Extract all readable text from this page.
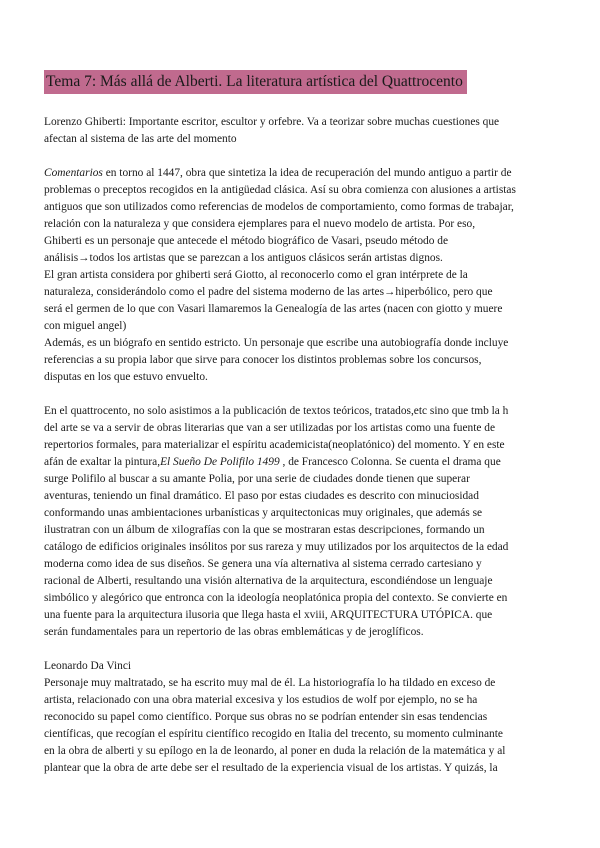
Tema 7: Más allá de Alberti. La literatura artística del Quattrocento
Lorenzo Ghiberti: Importante escritor, escultor y orfebre. Va a teorizar sobre muchas cuestiones que
afectan al sistema de las arte del momento
Comentarios en torno al 1447, obra que sintetiza la idea de recuperación del mundo antiguo a partir de
problemas o preceptos recogidos en la antigüedad clásica. Así su obra comienza con alusiones a artistas
antiguos que son utilizados como referencias de modelos de comportamiento, como formas de trabajar,
relación con la naturaleza y que considera ejemplares para el nuevo modelo de artista. Por eso,
Ghiberti es un personaje que antecede el método biográfico de Vasari, pseudo método de
análisis→todos los artistas que se parezcan a los antiguos clásicos serán artistas dignos.
El gran artista considera por ghiberti será Giotto, al reconocerlo como el gran intérprete de la
naturaleza, considerándolo como el padre del sistema moderno de las artes→hiperbólico, pero que
será el germen de lo que con Vasari llamaremos la Genealogía de las artes (nacen con giotto y muere
con miguel angel)
Además, es un biógrafo en sentido estricto. Un personaje que escribe una autobiografía donde incluye
referencias a su propia labor que sirve para conocer los distintos problemas sobre los concursos,
disputas en los que estuvo envuelto.
En el quattrocento, no solo asistimos a la publicación de textos teóricos, tratados,etc sino que tmb la h
del arte se va a servir de obras literarias que van a ser utilizadas por los artistas como una fuente de
repertorios formales, para materializar el espíritu academicista(neoplatónico) del momento. Y en este
afán de exaltar la pintura,El Sueño De Polifilo 1499 , de Francesco Colonna. Se cuenta el drama que
surge Polifilo al buscar a su amante Polia, por una serie de ciudades donde tienen que superar
aventuras, teniendo un final dramático. El paso por estas ciudades es descrito con minuciosidad
conformando unas ambientaciones urbanísticas y arquitectonicas muy originales, que además se
ilustratran con un álbum de xilografías con la que se mostraran estas descripciones, formando un
catálogo de edificios originales insólitos por sus rareza y muy utilizados por los arquitectos de la edad
moderna como idea de sus diseños. Se genera una vía alternativa al sistema cerrado cartesiano y
racional de Alberti, resultando una visión alternativa de la arquitectura, escondiéndose un lenguaje
simbólico y alegórico que entronca con la ideología neoplatónica propia del contexto. Se convierte en
una fuente para la arquitectura ilusoria que llega hasta el xviii, ARQUITECTURA UTÓPICA. que
serán fundamentales para un repertorio de las obras emblemáticas y de jeroglíficos.
Leonardo Da Vinci
Personaje muy maltratado, se ha escrito muy mal de él. La historiografía lo ha tildado en exceso de
artista, relacionado con una obra material excesiva y los estudios de wolf por ejemplo, no se ha
reconocido su papel como científico. Porque sus obras no se podrían entender sin esas tendencias
científicas, que recogían el espíritu científico recogido en Italia del trecento, su momento culminante
en la obra de alberti y su epílogo en la de leonardo, al poner en duda la relación de la matemática y al
plantear que la obra de arte debe ser el resultado de la experiencia visual de los artistas. Y quizás, la
